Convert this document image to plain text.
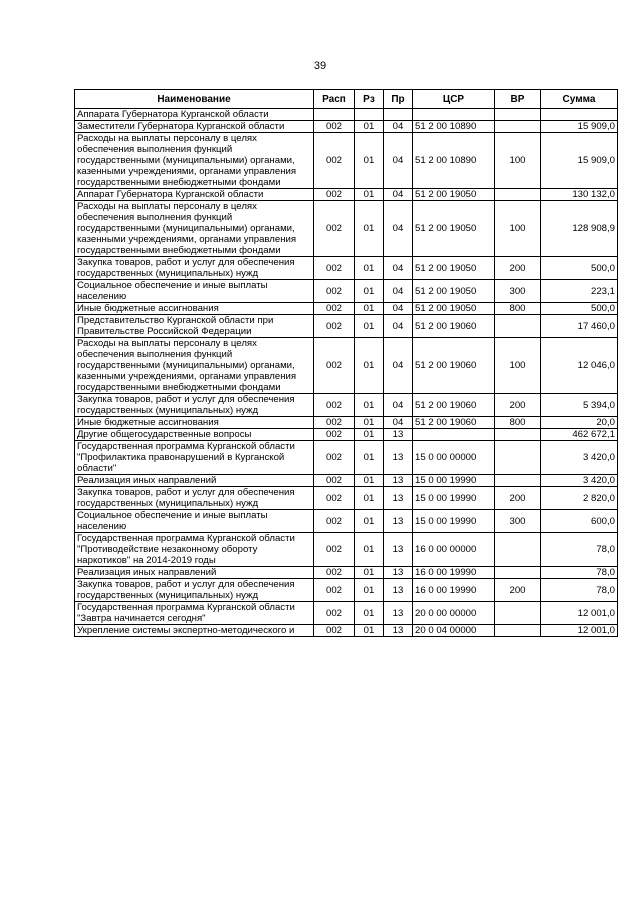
39
Наименование	Расп	Рз	Пр	ЦСР	ВР	Сумма
Аппарата Губернатора Курганской области						
Заместители Губернатора Курганской области	002	01	04	51 2 00 10890		15 909,0
Расходы на выплаты персоналу в целях обеспечения выполнения функций государственными (муниципальными) органами, казенными учреждениями, органами управления государственными внебюджетными фондами	002	01	04	51 2 00 10890	100	15 909,0
Аппарат Губернатора Курганской области	002	01	04	51 2 00 19050		130 132,0
Расходы на выплаты персоналу в целях обеспечения выполнения функций государственными (муниципальными) органами, казенными учреждениями, органами управления государственными внебюджетными фондами	002	01	04	51 2 00 19050	100	128 908,9
Закупка товаров, работ и услуг для обеспечения государственных (муниципальных) нужд	002	01	04	51 2 00 19050	200	500,0
Социальное обеспечение и иные выплаты населению	002	01	04	51 2 00 19050	300	223,1
Иные бюджетные ассигнования	002	01	04	51 2 00 19050	800	500,0
Представительство Курганской области при Правительстве Российской Федерации	002	01	04	51 2 00 19060		17 460,0
Расходы на выплаты персоналу в целях обеспечения выполнения функций государственными (муниципальными) органами, казенными учреждениями, органами управления государственными внебюджетными фондами	002	01	04	51 2 00 19060	100	12 046,0
Закупка товаров, работ и услуг для обеспечения государственных (муниципальных) нужд	002	01	04	51 2 00 19060	200	5 394,0
Иные бюджетные ассигнования	002	01	04	51 2 00 19060	800	20,0
Другие общегосударственные вопросы	002	01	13			462 672,1
Государственная программа Курганской области "Профилактика правонарушений в Курганской области"	002	01	13	15 0 00 00000		3 420,0
Реализация иных направлений	002	01	13	15 0 00 19990		3 420,0
Закупка товаров, работ и услуг для обеспечения государственных (муниципальных) нужд	002	01	13	15 0 00 19990	200	2 820,0
Социальное обеспечение и иные выплаты населению	002	01	13	15 0 00 19990	300	600,0
Государственная программа Курганской области "Противодействие незаконному обороту наркотиков" на 2014-2019 годы	002	01	13	16 0 00 00000		78,0
Реализация иных направлений	002	01	13	16 0 00 19990		78,0
Закупка товаров, работ и услуг для обеспечения государственных (муниципальных) нужд	002	01	13	16 0 00 19990	200	78,0
Государственная программа Курганской области "Завтра начинается сегодня"	002	01	13	20 0 00 00000		12 001,0
Укрепление системы экспертно-методического и	002	01	13	20 0 04 00000		12 001,0
